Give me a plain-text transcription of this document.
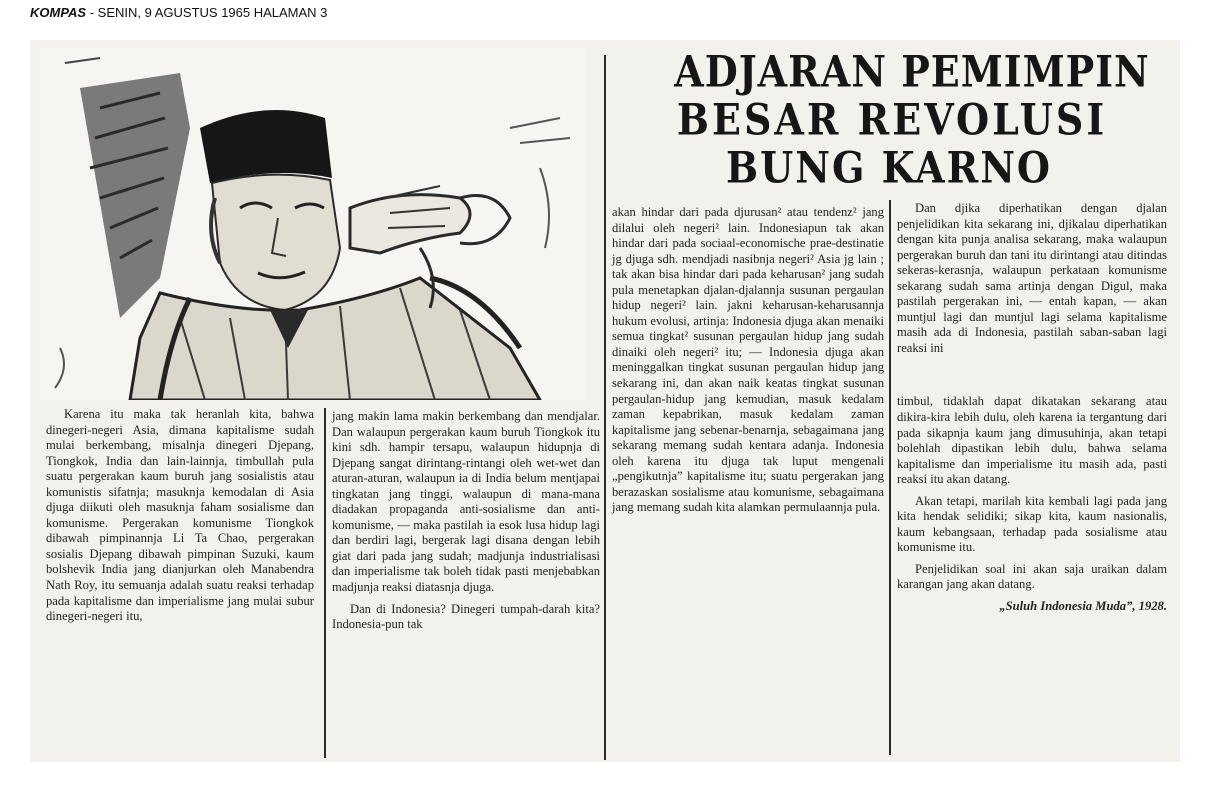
KOMPAS - SENIN, 9 AGUSTUS 1965 HALAMAN 3
ADJARAN PEMIMPIN
BESAR REVOLUSI
BUNG KARNO

Karena itu maka tak heranlah kita, bahwa dinegeri-negeri Asia, dimana kapitalisme sudah mulai berkembang, misalnja dinegeri Djepang, Tiongkok, India dan lain-lainnja, timbullah pula suatu pergerakan kaum buruh jang sosialistis atau komunistis sifatnja; masuknja kemodalan di Asia djuga diikuti oleh masuknja faham sosialisme dan komunisme. Pergerakan komunisme Tiongkok dibawah pimpinannja Li Ta Chao, pergerakan sosialis Djepang dibawah pimpinan Suzuki, kaum bolshevik India jang dianjurkan oleh Manabendra Nath Roy, itu semuanja adalah suatu reaksi terhadap pada kapitalisme dan imperialisme jang mulai subur dinegeri-negeri itu,

jang makin lama makin berkembang dan mendjalar. Dan walaupun pergerakan kaum buruh Tiongkok itu kini sdh. hampir tersapu, walaupun hidupnja di Djepang sangat dirintang-rintangi oleh wet-wet dan aturan-aturan, walaupun ia di India belum mentjapai tingkatan jang tinggi, walaupun di mana-mana diadakan propaganda anti-sosialisme dan anti-komunisme, — maka pastilah ia esok lusa hidup lagi dan berdiri lagi, bergerak lagi disana dengan lebih giat dari pada jang sudah; madjunja industrialisasi dan imperialisme tak boleh tidak pasti menjebabkan madjunja reaksi diatasnja djuga.

Dan di Indonesia? Dinegeri tumpah-darah kita? Indonesia-pun tak

akan hindar dari pada djurusan² atau tendenz² jang dilalui oleh negeri² lain. Indonesiapun tak akan hindar dari pada sociaal-economische prae-destinatie jg djuga sdh. mendjadi nasibnja negeri² Asia jg lain ; tak akan bisa hindar dari pada keharusan² jang sudah pula menetapkan djalan-djalannja susunan pergaulan hidup negeri² lain. jakni keharusan-keharusannja hukum evolusi, artinja: Indonesia djuga akan menaiki semua tingkat² susunan pergaulan hidup jang sudah dinaiki oleh negeri² itu; — Indonesia djuga akan meninggalkan tingkat susunan pergaulan hidup jang sekarang ini, dan akan naik keatas tingkat susunan pergaulan-hidup jang kemudian, masuk kedalam zaman kepabrikan, masuk kedalam zaman kapitalisme jang sebenar-benarnja, sebagaimana jang sekarang memang sudah kentara adanja. Indonesia oleh karena itu djuga tak luput mengenali „pengikutnja” kapitalisme itu; suatu pergerakan jang berazaskan sosialisme atau komunisme, sebagaimana jang memang sudah kita alamkan permulaannja pula.

Dan djika diperhatikan dengan djalan penjelidikan kita sekarang ini, djikalau diperhatikan dengan kita punja analisa sekarang, maka walaupun pergerakan buruh dan tani itu dirintangi atau ditindas sekeras-kerasnja, walaupun perkataan komunisme sekarang sudah sama artinja dengan Digul, maka pastilah pergerakan ini, — entah kapan, — akan muntjul lagi dan muntjul lagi selama kapitalisme masih ada di Indonesia, pastilah saban-saban lagi reaksi ini

timbul, tidaklah dapat dikatakan sekarang atau dikira-kira lebih dulu, oleh karena ia tergantung dari pada sikapnja kaum jang dimusuhinja, akan tetapi bolehlah dipastikan lebih dulu, bahwa selama kapitalisme dan imperialisme itu masih ada, pasti reaksi itu akan datang.

Akan tetapi, marilah kita kembali lagi pada jang kita hendak selidiki; sikap kita, kaum nasionalis, kaum kebangsaan, terhadap pada sosialisme atau komunisme itu.

Penjelidikan soal ini akan saja uraikan dalam karangan jang akan datang.

„Suluh Indonesia Muda”, 1928.
